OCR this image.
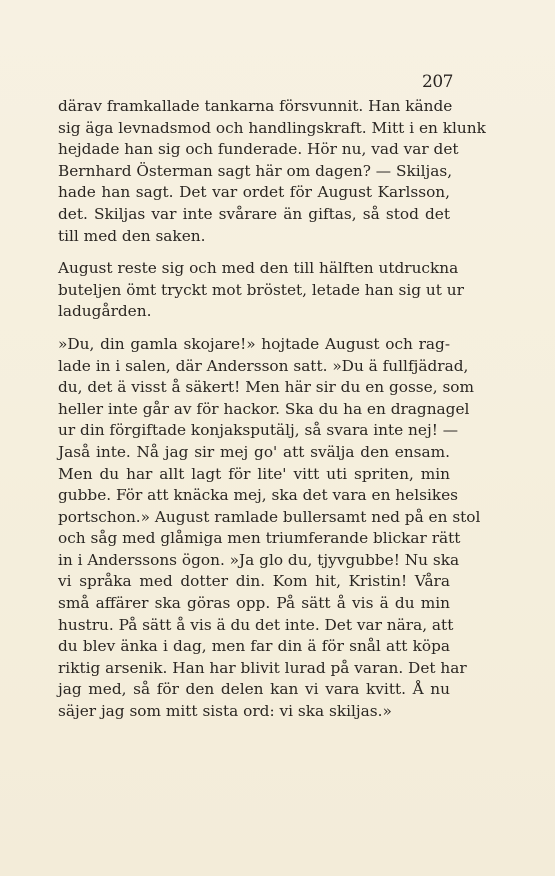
207

därav framkallade tankarna försvunnit. Han kände
sig äga levnadsmod och handlingskraft. Mitt i en klunk
hejdade han sig och funderade. Hör nu, vad var det
Bernhard Österman sagt här om dagen? — Skiljas,
hade han sagt. Det var ordet för August Karlsson,
det. Skiljas var inte svårare än giftas, så stod det
till med den saken.

August reste sig och med den till hälften utdruckna
buteljen ömt tryckt mot bröstet, letade han sig ut ur
ladugården.

»Du, din gamla skojare!» hojtade August och rag-
lade in i salen, där Andersson satt. »Du ä fullfjädrad,
du, det ä visst å säkert! Men här sir du en gosse, som
heller inte går av för hackor. Ska du ha en dragnagel
ur din förgiftade konjaksputälj, så svara inte nej! —
Jaså inte. Nå jag sir mej go' att svälja den ensam.
Men du har allt lagt för lite' vitt uti spriten, min
gubbe. För att knäcka mej, ska det vara en helsikes
portschon.» August ramlade bullersamt ned på en stol
och såg med glåmiga men triumferande blickar rätt
in i Anderssons ögon. »Ja glo du, tjyvgubbe! Nu ska
vi språka med dotter din. Kom hit, Kristin! Våra
små affärer ska göras opp. På sätt å vis ä du min
hustru. På sätt å vis ä du det inte. Det var nära, att
du blev änka i dag, men far din ä för snål att köpa
riktig arsenik. Han har blivit lurad på varan. Det har
jag med, så för den delen kan vi vara kvitt. Å nu
säjer jag som mitt sista ord: vi ska skiljas.»
